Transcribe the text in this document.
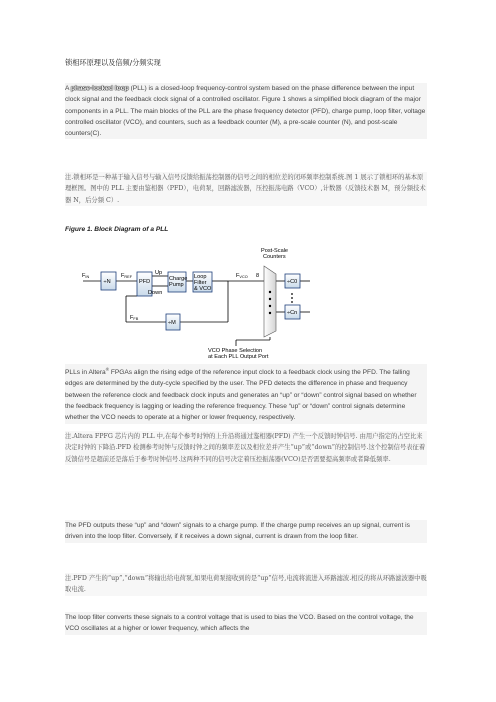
锁相环原理以及倍频/分频实现
A phase-locked loop (PLL) is a closed-loop frequency-control system based on the phase difference between the input clock signal and the feedback clock signal of a controlled oscillator. Figure 1 shows a simplified block diagram of the major components in a PLL. The main blocks of the PLL are the phase frequency detector (PFD), charge pump, loop filter, voltage controlled oscillator (VCO), and counters, such as a feedback counter (M), a pre-scale counter (N), and post-scale counters(C).
注.锁相环是一种基于输入信号与输入信号反馈给振荡控制器的信号之间的相位差的闭环频率控制系统.图 1 展示了锁相环的基本原理框图。图中的 PLL 主要由鉴相器（PFD），电荷泵，回路滤波器，压控振荡电路（VCO）,计数器（反馈技术器 M，预分频技术器 N，后分频 C）.
Figure 1. Block Diagram of a PLL
$F_{IN}$
÷N
$F_{REF}$
PFD
Up
Down
Charge
Pump
Loop
Filter
& VCO
$F_{VCO}$ 8
Post-Scale
Counters
÷C0
÷Cn
$F_{FB}$
÷M
VCO Phase Selection
at Each PLL Output Port
PLLs in Altera® FPGAs align the rising edge of the reference input clock to a feedback clock using the PFD. The falling edges are determined by the duty-cycle specified by the user. The PFD detects the difference in phase and frequency between the reference clock and feedback clock inputs and generates an “up” or “down” control signal based on whether the feedback frequency is lagging or leading the reference frequency. These “up” or “down” control signals determine whether the VCO needs to operate at a higher or lower frequency, respectively.
注.Altera FPFG 芯片内的 PLL 中,在每个参考时钟的上升沿将通过鉴相器(PFD) 产生一个反馈时钟信号. 由用户指定的占空比来决定时钟的下降沿.PFD 检测参考时钟与反馈时钟之间的频率差以及相位差并产生“up”或“down”的控制信号.这个控制信号表征着反馈信号是超前还是落后于参考时钟信号.这两种不同的信号决定着压控振荡器(VCO)是否需要提高频率或者降低频率.
The PFD outputs these “up” and “down” signals to a charge pump. If the charge pump receives an up signal, current is driven into the loop filter. Conversely, if it receives a down signal, current is drawn from the loop filter.
注.PFD 产生的“up”,“down”将输出给电荷泵,如果电荷泵接收到的是“up”信号,电流将流进入环路滤波.相反的将从环路滤波器中吸取电流.
The loop filter converts these signals to a control voltage that is used to bias the VCO. Based on the control voltage, the VCO oscillates at a higher or lower frequency, which affects the
